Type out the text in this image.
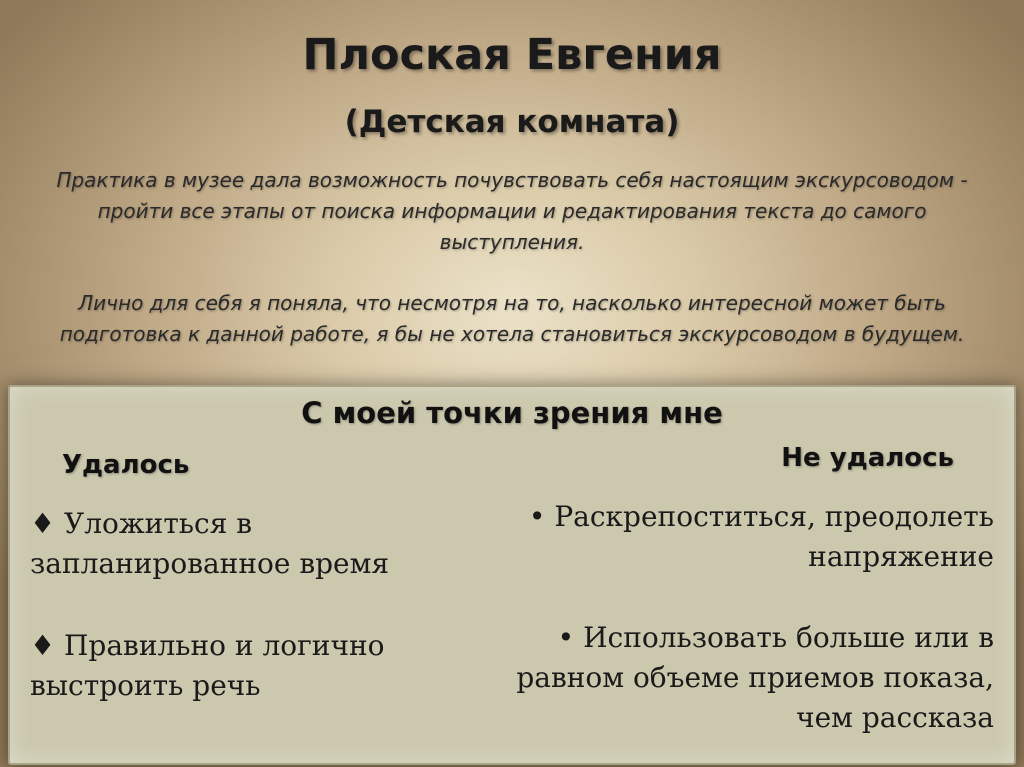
Плоская Евгения
(Детская комната)

Практика в музее дала возможность почувствовать себя настоящим экскурсоводом - пройти все этапы от поиска информации и редактирования текста до самого выступления.

Лично для себя я поняла, что несмотря на то, насколько интересной может быть подготовка к данной работе, я бы не хотела становиться экскурсоводом в будущем.

С моей точки зрения мне
Удалось	Не удалось

♦ Уложиться в запланированное время

♦ Правильно и логично выстроить речь

• Раскрепоститься, преодолеть напряжение

• Использовать больше или в равном объеме приемов показа, чем рассказа
